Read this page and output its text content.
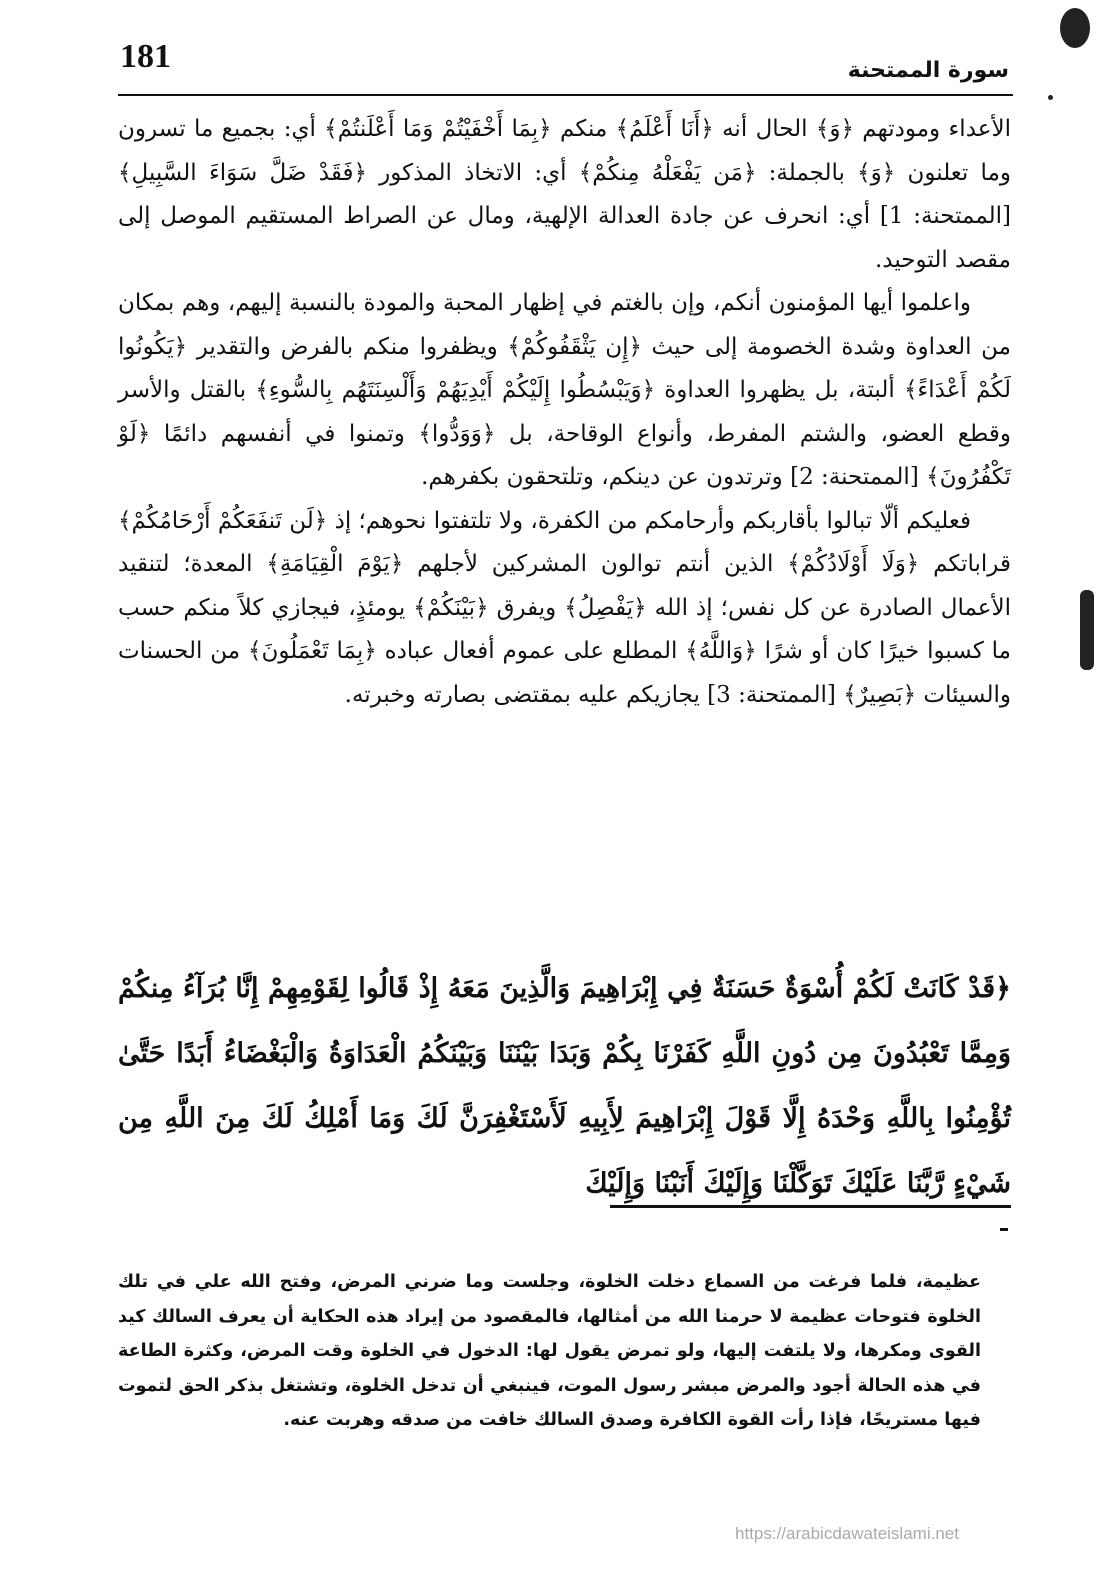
181	سورة الممتحنة

الأعداء ومودتهم ﴿وَ﴾ الحال أنه ﴿أَنَا أَعْلَمُ﴾ منكم ﴿بِمَا أَخْفَيْتُمْ وَمَا أَعْلَنتُمْ﴾ أي: بجميع ما تسرون وما تعلنون ﴿وَ﴾ بالجملة: ﴿مَن يَفْعَلْهُ مِنكُمْ﴾ أي: الاتخاذ المذكور ﴿فَقَدْ ضَلَّ سَوَاءَ السَّبِيلِ﴾ [الممتحنة: 1] أي: انحرف عن جادة العدالة الإلهية، ومال عن الصراط المستقيم الموصل إلى مقصد التوحيد.

واعلموا أيها المؤمنون أنكم، وإن بالغتم في إظهار المحبة والمودة بالنسبة إليهم، وهم بمكان من العداوة وشدة الخصومة إلى حيث ﴿إِن يَثْقَفُوكُمْ﴾ ويظفروا منكم بالفرض والتقدير ﴿يَكُونُوا لَكُمْ أَعْدَاءً﴾ ألبتة، بل يظهروا العداوة ﴿وَيَبْسُطُوا إِلَيْكُمْ أَيْدِيَهُمْ وَأَلْسِنَتَهُم بِالسُّوءِ﴾ بالقتل والأسر وقطع العضو، والشتم المفرط، وأنواع الوقاحة، بل ﴿وَوَدُّوا﴾ وتمنوا في أنفسهم دائمًا ﴿لَوْ تَكْفُرُونَ﴾ [الممتحنة: 2] وترتدون عن دينكم، وتلتحقون بكفرهم.

فعليكم ألّا تبالوا بأقاربكم وأرحامكم من الكفرة، ولا تلتفتوا نحوهم؛ إذ ﴿لَن تَنفَعَكُمْ أَرْحَامُكُمْ﴾ قراباتكم ﴿وَلَا أَوْلَادُكُمْ﴾ الذين أنتم توالون المشركين لأجلهم ﴿يَوْمَ الْقِيَامَةِ﴾ المعدة؛ لتنقيد الأعمال الصادرة عن كل نفس؛ إذ الله ﴿يَفْصِلُ﴾ ويفرق ﴿بَيْنَكُمْ﴾ يومئذٍ، فيجازي كلاً منكم حسب ما كسبوا خيرًا كان أو شرًا ﴿وَاللَّهُ﴾ المطلع على عموم أفعال عباده ﴿بِمَا تَعْمَلُونَ﴾ من الحسنات والسيئات ﴿بَصِيرٌ﴾ [الممتحنة: 3] يجازيكم عليه بمقتضى بصارته وخبرته.

﴿قَدْ كَانَتْ لَكُمْ أُسْوَةٌ حَسَنَةٌ فِي إِبْرَاهِيمَ وَالَّذِينَ مَعَهُ إِذْ قَالُوا لِقَوْمِهِمْ إِنَّا بُرَآءُ مِنكُمْ وَمِمَّا تَعْبُدُونَ مِن دُونِ اللَّهِ كَفَرْنَا بِكُمْ وَبَدَا بَيْنَنَا وَبَيْنَكُمُ الْعَدَاوَةُ وَالْبَغْضَاءُ أَبَدًا حَتَّىٰ تُؤْمِنُوا بِاللَّهِ وَحْدَهُ إِلَّا قَوْلَ إِبْرَاهِيمَ لِأَبِيهِ لَأَسْتَغْفِرَنَّ لَكَ وَمَا أَمْلِكُ لَكَ مِنَ اللَّهِ مِن شَيْءٍ رَّبَّنَا عَلَيْكَ تَوَكَّلْنَا وَإِلَيْكَ أَنَبْنَا وَإِلَيْكَ

عظيمة، فلما فرغت من السماع دخلت الخلوة، وجلست وما ضرني المرض، وفتح الله علي في تلك الخلوة فتوحات عظيمة لا حرمنا الله من أمثالها، فالمقصود من إيراد هذه الحكاية أن يعرف السالك كيد القوى ومكرها، ولا يلتفت إليها، ولو تمرض يقول لها: الدخول في الخلوة وقت المرض، وكثرة الطاعة في هذه الحالة أجود والمرض مبشر رسول الموت، فينبغي أن تدخل الخلوة، وتشتغل بذكر الحق لتموت فيها مستريحًا، فإذا رأت القوة الكافرة وصدق السالك خافت من صدقه وهربت عنه.

https://arabicdawateislami.net
